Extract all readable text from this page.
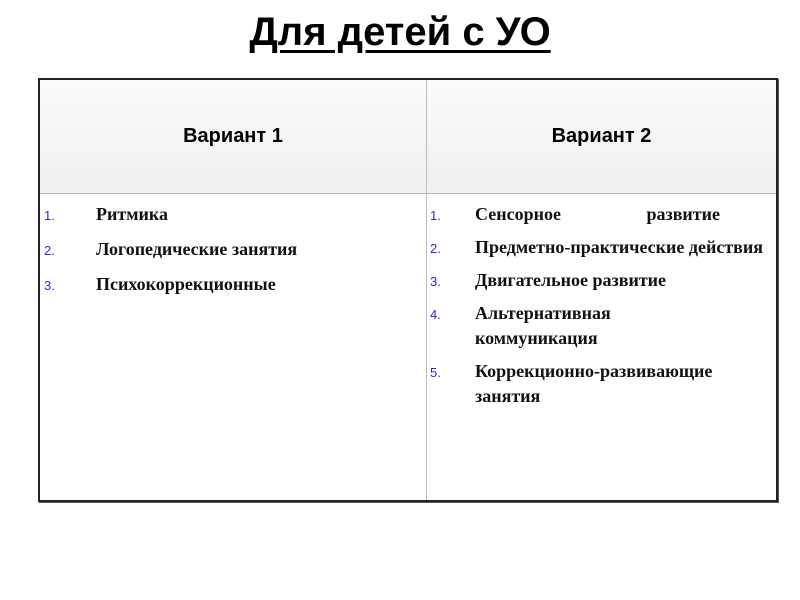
Для детей с УО
Вариант 1	Вариант 2
1. Ритмика
2. Логопедические занятия
3. Психокоррекционные
1. Сенсорное развитие
2. Предметно-практические действия
3. Двигательное развитие
4. Альтернативная коммуникация
5. Коррекционно-развивающие занятия
